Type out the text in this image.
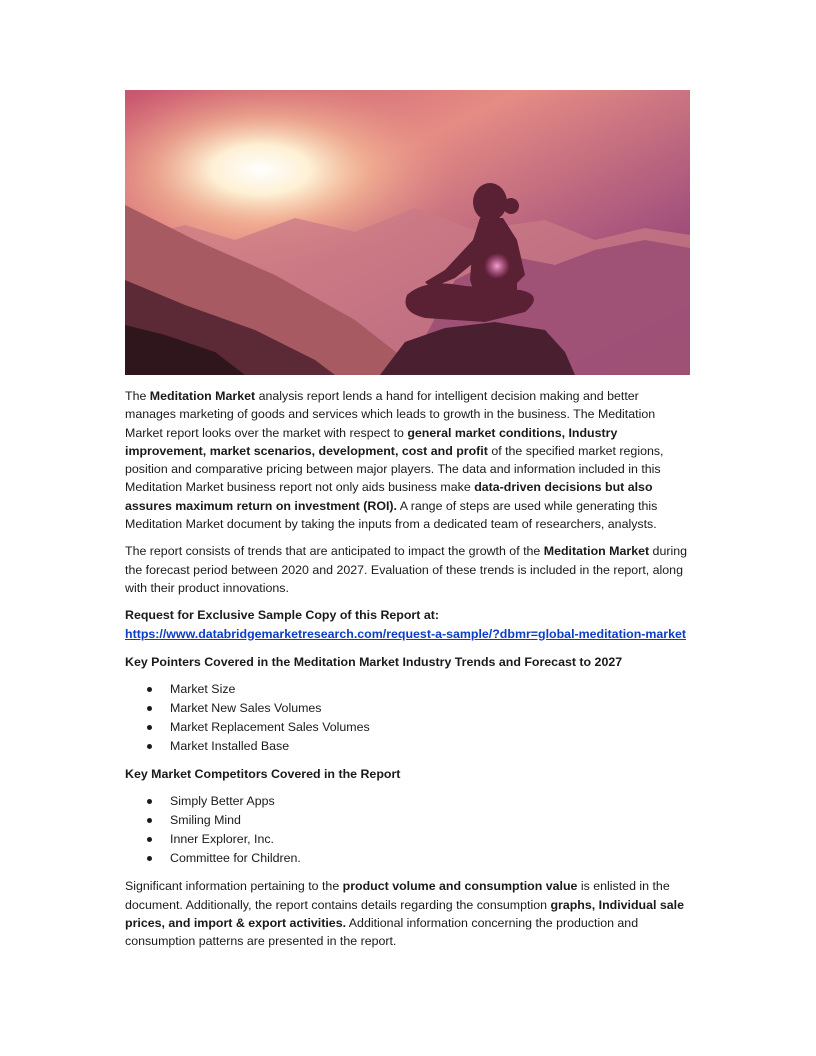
The Meditation Market analysis report lends a hand for intelligent decision making and better manages marketing of goods and services which leads to growth in the business. The Meditation Market report looks over the market with respect to general market conditions, Industry improvement, market scenarios, development, cost and profit of the specified market regions, position and comparative pricing between major players. The data and information included in this Meditation Market business report not only aids business make data-driven decisions but also assures maximum return on investment (ROI). A range of steps are used while generating this Meditation Market document by taking the inputs from a dedicated team of researchers, analysts.

The report consists of trends that are anticipated to impact the growth of the Meditation Market during the forecast period between 2020 and 2027. Evaluation of these trends is included in the report, along with their product innovations.

Request for Exclusive Sample Copy of this Report at:
https://www.databridgemarketresearch.com/request-a-sample/?dbmr=global-meditation-market

Key Pointers Covered in the Meditation Market Industry Trends and Forecast to 2027

Market Size
Market New Sales Volumes
Market Replacement Sales Volumes
Market Installed Base

Key Market Competitors Covered in the Report

Simply Better Apps
Smiling Mind
Inner Explorer, Inc.
Committee for Children.

Significant information pertaining to the product volume and consumption value is enlisted in the document. Additionally, the report contains details regarding the consumption graphs, Individual sale prices, and import & export activities. Additional information concerning the production and consumption patterns are presented in the report.
